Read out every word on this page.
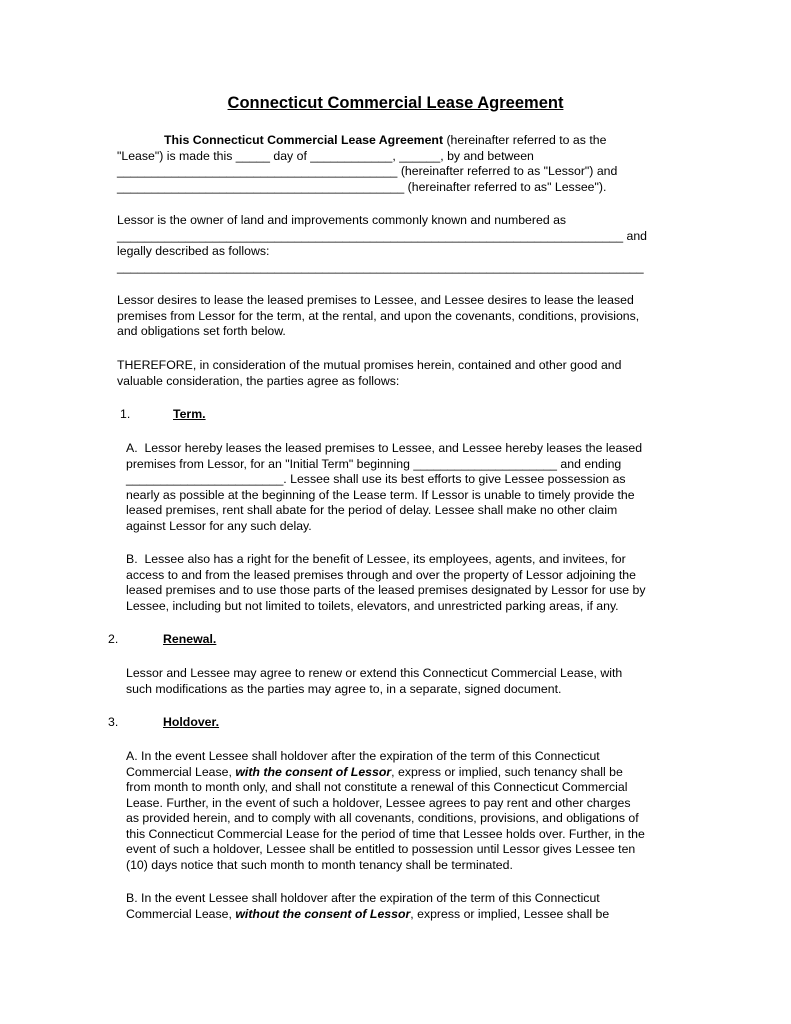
Connecticut Commercial Lease Agreement
This Connecticut Commercial Lease Agreement (hereinafter referred to as the
"Lease") is made this _____ day of ____________, ______, by and between
_________________________________________ (hereinafter referred to as "Lessor") and
__________________________________________ (hereinafter referred to as" Lessee").
Lessor is the owner of land and improvements commonly known and numbered as
__________________________________________________________________________ and
legally described as follows:
_____________________________________________________________________________
Lessor desires to lease the leased premises to Lessee, and Lessee desires to lease the leased
premises from Lessor for the term, at the rental, and upon the covenants, conditions, provisions,
and obligations set forth below.
THEREFORE, in consideration of the mutual promises herein, contained and other good and
valuable consideration, the parties agree as follows:
1.	Term.
A.  Lessor hereby leases the leased premises to Lessee, and Lessee hereby leases the leased
premises from Lessor, for an "Initial Term" beginning _____________________ and ending
_______________________. Lessee shall use its best efforts to give Lessee possession as
nearly as possible at the beginning of the Lease term. If Lessor is unable to timely provide the
leased premises, rent shall abate for the period of delay. Lessee shall make no other claim
against Lessor for any such delay.
B.  Lessee also has a right for the benefit of Lessee, its employees, agents, and invitees, for
access to and from the leased premises through and over the property of Lessor adjoining the
leased premises and to use those parts of the leased premises designated by Lessor for use by
Lessee, including but not limited to toilets, elevators, and unrestricted parking areas, if any.
2.	Renewal.
Lessor and Lessee may agree to renew or extend this Connecticut Commercial Lease, with
such modifications as the parties may agree to, in a separate, signed document.
3.	Holdover.
A. In the event Lessee shall holdover after the expiration of the term of this Connecticut
Commercial Lease, with the consent of Lessor, express or implied, such tenancy shall be
from month to month only, and shall not constitute a renewal of this Connecticut Commercial
Lease. Further, in the event of such a holdover, Lessee agrees to pay rent and other charges
as provided herein, and to comply with all covenants, conditions, provisions, and obligations of
this Connecticut Commercial Lease for the period of time that Lessee holds over. Further, in the
event of such a holdover, Lessee shall be entitled to possession until Lessor gives Lessee ten
(10) days notice that such month to month tenancy shall be terminated.
B. In the event Lessee shall holdover after the expiration of the term of this Connecticut
Commercial Lease, without the consent of Lessor, express or implied, Lessee shall be
